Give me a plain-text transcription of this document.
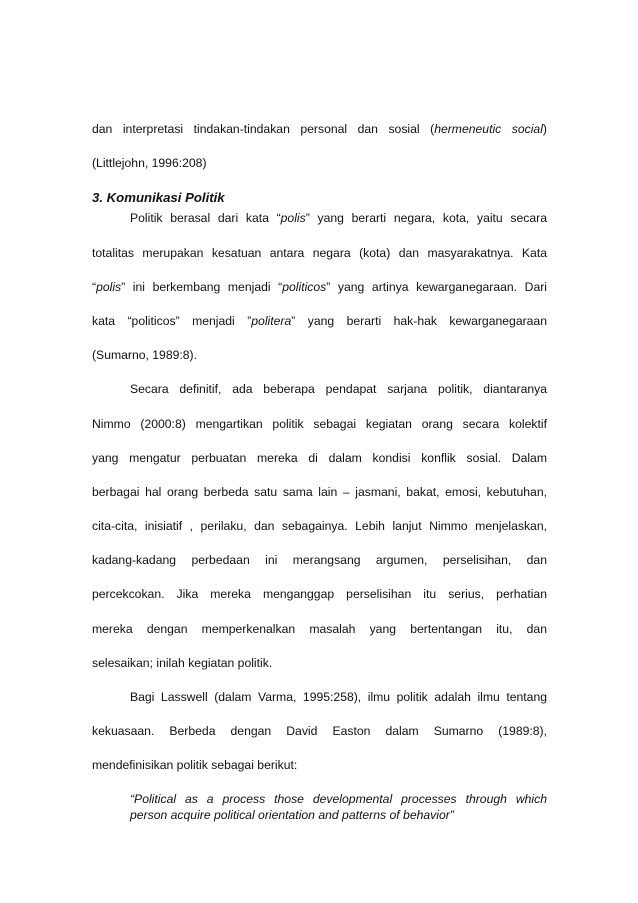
dan interpretasi tindakan-tindakan personal dan sosial (hermeneutic social)
(Littlejohn, 1996:208)
3. Komunikasi Politik
Politik berasal dari kata “polis” yang berarti negara, kota, yaitu secara
totalitas merupakan kesatuan antara negara (kota) dan masyarakatnya. Kata
“polis” ini berkembang menjadi “politicos” yang artinya kewarganegaraan. Dari
kata “politicos” menjadi ”politera” yang berarti hak-hak kewarganegaraan
(Sumarno, 1989:8).
Secara definitif, ada beberapa pendapat sarjana politik, diantaranya
Nimmo (2000:8) mengartikan politik sebagai kegiatan orang secara kolektif
yang mengatur perbuatan mereka di dalam kondisi konflik sosial. Dalam
berbagai hal orang berbeda satu sama lain – jasmani, bakat, emosi, kebutuhan,
cita-cita, inisiatif , perilaku, dan sebagainya. Lebih lanjut Nimmo menjelaskan,
kadang-kadang perbedaan ini merangsang argumen, perselisihan, dan
percekcokan. Jika mereka menganggap perselisihan itu serius, perhatian
mereka dengan memperkenalkan masalah yang bertentangan itu, dan
selesaikan; inilah kegiatan politik.
Bagi Lasswell (dalam Varma, 1995:258), ilmu politik adalah ilmu tentang
kekuasaan. Berbeda dengan David Easton dalam Sumarno (1989:8),
mendefinisikan politik sebagai berikut:
“Political as a process those developmental processes through which
person acquire political orientation and patterns of behavior”
